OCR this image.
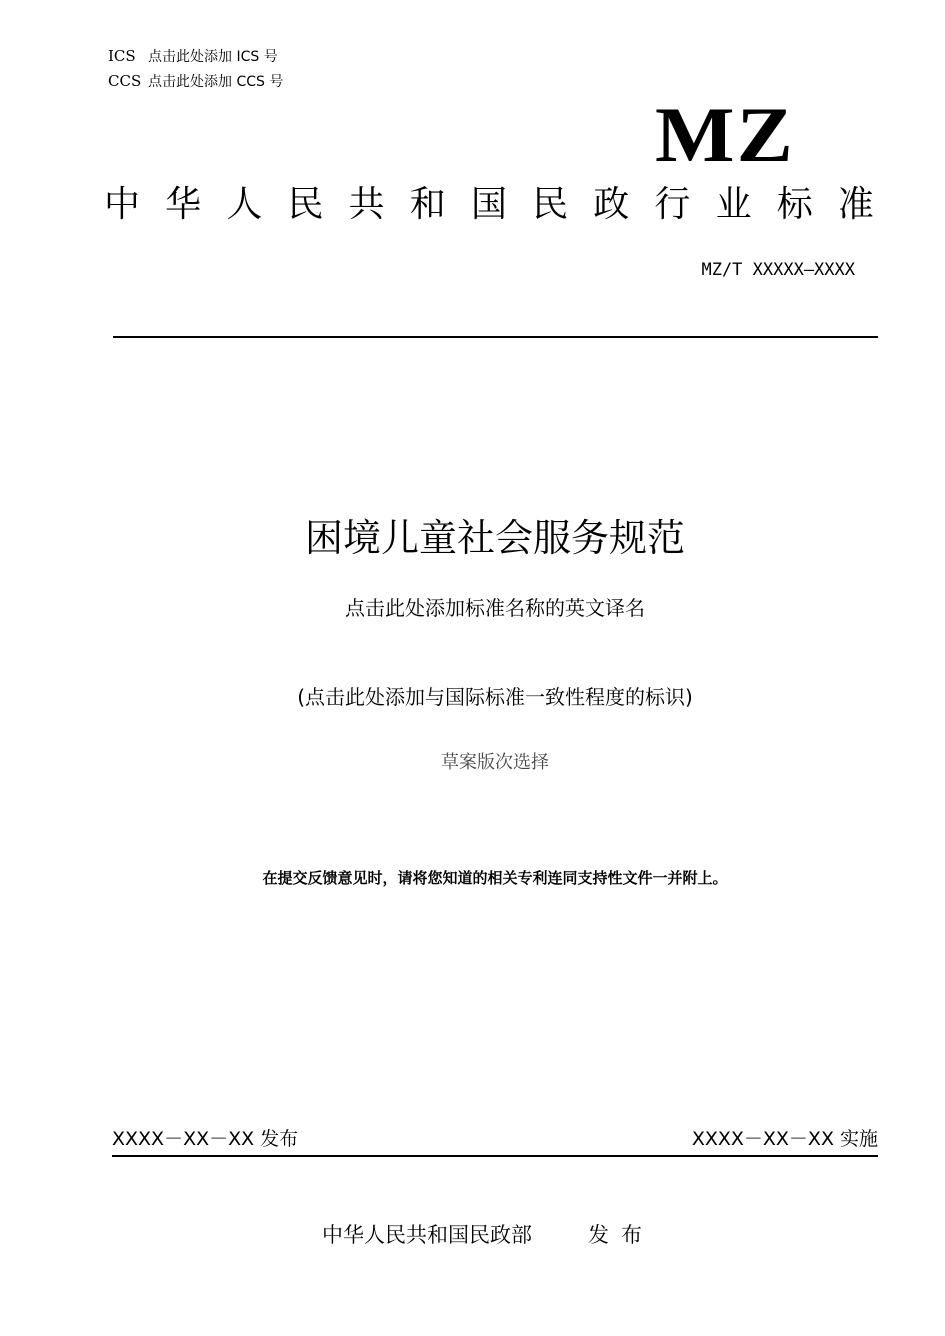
ICS 点击此处添加 ICS 号
CCS 点击此处添加 CCS 号
MZ
中 华 人 民 共 和 国 民 政 行 业 标 准
MZ/T XXXXX—XXXX
困境儿童社会服务规范
点击此处添加标准名称的英文译名
(点击此处添加与国际标准一致性程度的标识)
草案版次选择
在提交反馈意见时，请将您知道的相关专利连同支持性文件一并附上。
XXXX－XX－XX 发布	XXXX－XX－XX 实施
中华人民共和国民政部	发布
